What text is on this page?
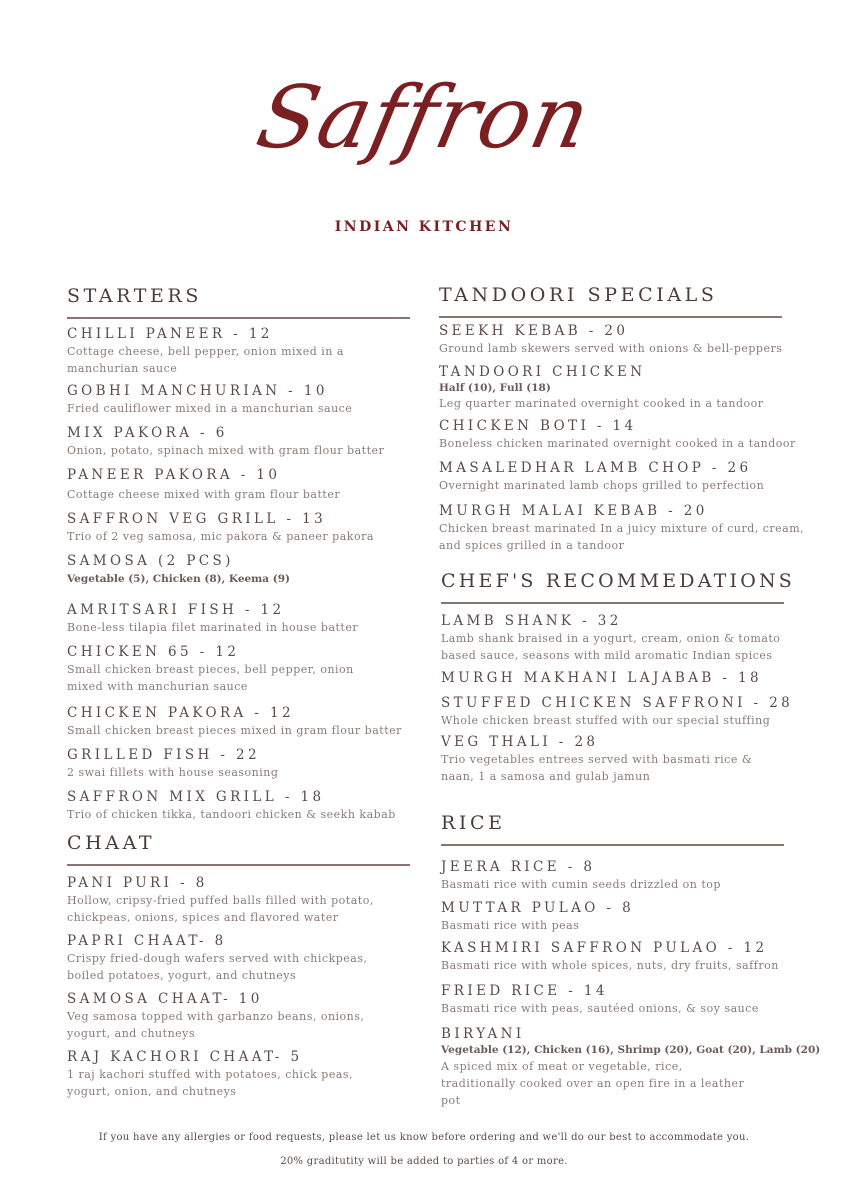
Saffron
INDIAN KITCHEN
STARTERS
CHILLI PANEER - 12
Cottage cheese, bell pepper, onion mixed in a manchurian sauce
GOBHI MANCHURIAN - 10
Fried cauliflower mixed in a manchurian sauce
MIX PAKORA - 6
Onion, potato, spinach mixed with gram flour batter
PANEER PAKORA - 10
Cottage cheese mixed with gram flour batter
SAFFRON VEG GRILL - 13
Trio of 2 veg samosa, mic pakora & paneer pakora
SAMOSA (2 PCS)
Vegetable (5), Chicken (8), Keema (9)
AMRITSARI FISH - 12
Bone-less tilapia filet marinated in house batter
CHICKEN 65 - 12
Small chicken breast pieces, bell pepper, onion mixed with manchurian sauce
CHICKEN PAKORA - 12
Small chicken breast pieces mixed in gram flour batter
GRILLED FISH - 22
2 swai fillets with house seasoning
SAFFRON MIX GRILL - 18
Trio of chicken tikka, tandoori chicken & seekh kabab
CHAAT
PANI PURI - 8
Hollow, cripsy-fried puffed balls filled with potato, chickpeas, onions, spices and flavored water
PAPRI CHAAT- 8
Crispy fried-dough wafers served with chickpeas, boiled potatoes, yogurt, and chutneys
SAMOSA CHAAT- 10
Veg samosa topped with garbanzo beans, onions, yogurt, and chutneys
RAJ KACHORI CHAAT- 5
1 raj kachori stuffed with potatoes, chick peas, yogurt, onion, and chutneys
TANDOORI SPECIALS
SEEKH KEBAB - 20
Ground lamb skewers served with onions & bell-peppers
TANDOORI CHICKEN
Half (10), Full (18)
Leg quarter marinated overnight cooked in a tandoor
CHICKEN BOTI - 14
Boneless chicken marinated overnight cooked in a tandoor
MASALEDHAR LAMB CHOP - 26
Overnight marinated lamb chops grilled to perfection
MURGH MALAI KEBAB - 20
Chicken breast marinated In a juicy mixture of curd, cream, and spices grilled in a tandoor
CHEF'S RECOMMEDATIONS
LAMB SHANK - 32
Lamb shank braised in a yogurt, cream, onion & tomato based sauce, seasons with mild aromatic Indian spices
MURGH MAKHANI LAJABAB - 18
STUFFED CHICKEN SAFFRONI - 28
Whole chicken breast stuffed with our special stuffing
VEG THALI - 28
Trio vegetables entrees served with basmati rice & naan, 1 a samosa and gulab jamun
RICE
JEERA RICE - 8
Basmati rice with cumin seeds drizzled on top
MUTTAR PULAO - 8
Basmati rice with peas
KASHMIRI SAFFRON PULAO - 12
Basmati rice with whole spices, nuts, dry fruits, saffron
FRIED RICE - 14
Basmati rice with peas, sautéed onions, & soy sauce
BIRYANI
Vegetable (12), Chicken (16), Shrimp (20), Goat (20), Lamb (20)
A spiced mix of meat or vegetable, rice, traditionally cooked over an open fire in a leather pot
If you have any allergies or food requests, please let us know before ordering and we'll do our best to accommodate you.
20% graditutity will be added to parties of 4 or more.
